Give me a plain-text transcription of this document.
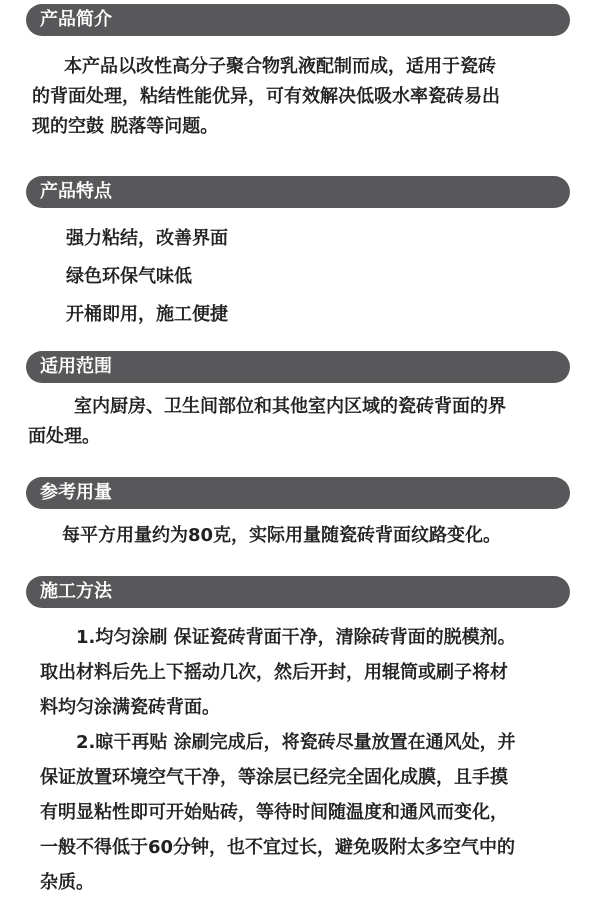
产品简介
本产品以改性高分子聚合物乳液配制而成，适用于瓷砖
的背面处理，粘结性能优异，可有效解决低吸水率瓷砖易出
现的空鼓 脱落等问题。
产品特点
强力粘结，改善界面
绿色环保气味低
开桶即用，施工便捷
适用范围
室内厨房、卫生间部位和其他室内区域的瓷砖背面的界
面处理。
参考用量
每平方用量约为80克，实际用量随瓷砖背面纹路变化。
施工方法
1.均匀涂刷 保证瓷砖背面干净，清除砖背面的脱模剂。
取出材料后先上下摇动几次，然后开封，用辊筒或刷子将材
料均匀涂满瓷砖背面。
2.晾干再贴 涂刷完成后，将瓷砖尽量放置在通风处，并
保证放置环境空气干净，等涂层已经完全固化成膜，且手摸
有明显粘性即可开始贴砖，等待时间随温度和通风而变化，
一般不得低于60分钟，也不宜过长，避免吸附太多空气中的
杂质。
